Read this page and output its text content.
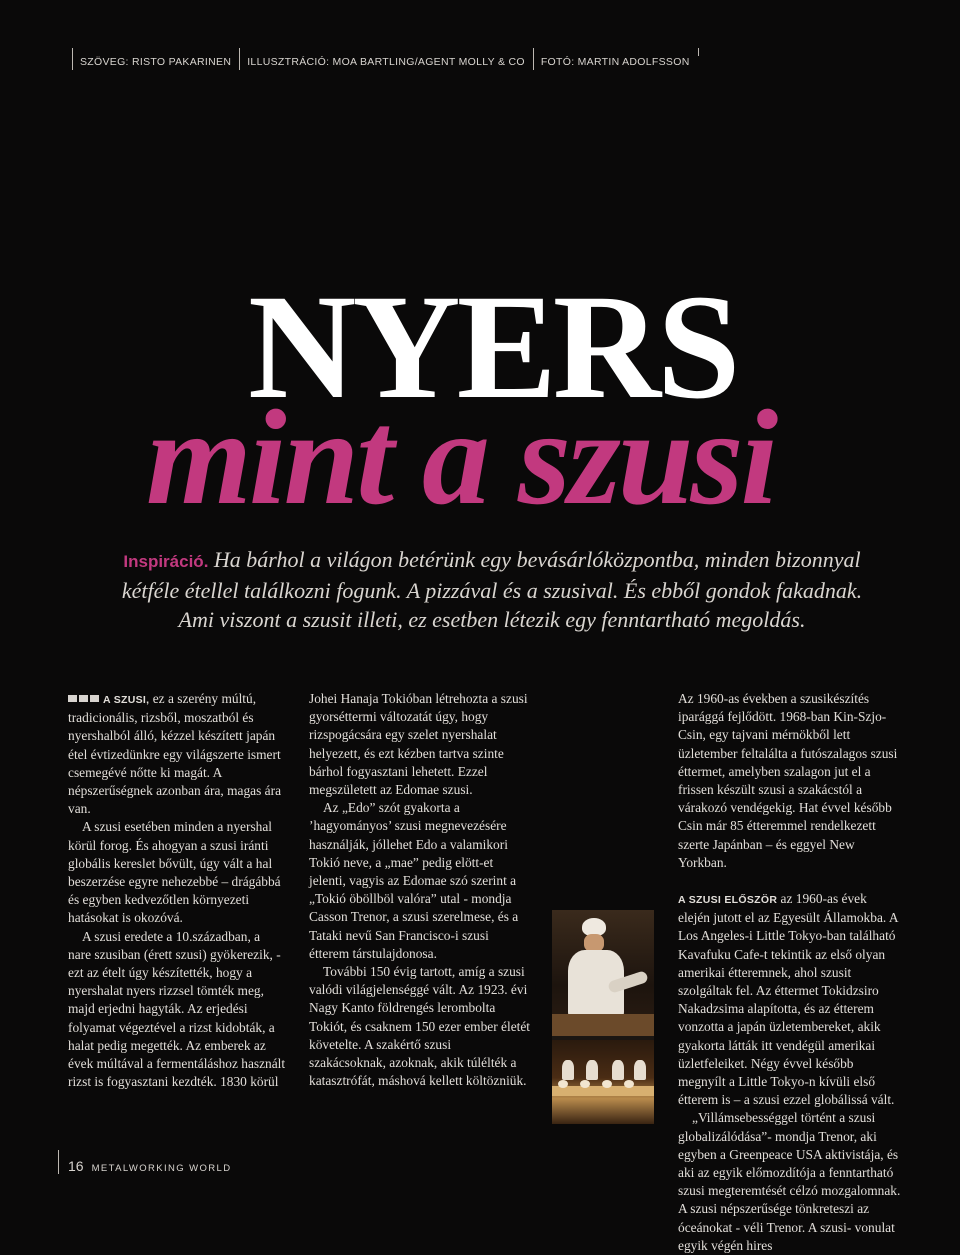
SZÖVEG: RISTO PAKARINEN	ILLUSZTRÁCIÓ: MOA BARTLING/AGENT MOLLY & CO	FOTÓ: MARTIN ADOLFSSON
NYERS
mint a szusi
Inspiráció. Ha bárhol a világon betérünk egy bevásárlóközpontba, minden bizonnyal kétféle étellel találkozni fogunk. A pizzával és a szusival. És ebből gondok fakadnak. Ami viszont a szusit illeti, ez esetben létezik egy fenntartható megoldás.

A SZUSI, ez a szerény múltú, tradicionális, rizsből, moszatból és nyershalból álló, kézzel készített japán étel évtizedünkre egy világszerte ismert csemegévé nőtte ki magát. A népszerűségnek azonban ára, magas ára van.

A szusi esetében minden a nyershal körül forog. És ahogyan a szusi iránti globális kereslet bővült, úgy vált a hal beszerzése egyre nehezebbé – drágábbá és egyben kedvezőtlen környezeti hatásokat is okozóvá.

A szusi eredete a 10.században, a nare szusiban (érett szusi) gyökerezik, - ezt az ételt úgy készítették, hogy a nyershalat nyers rizzsel tömték meg, majd erjedni hagyták. Az erjedési folyamat végeztével a rizst kidobták, a halat pedig megették. Az emberek az évek múltával a fermentáláshoz használt rizst is fogyasztani kezdték. 1830 körül

Johei Hanaja Tokióban létrehozta a szusi gyorséttermi változatát úgy, hogy rizspogácsára egy szelet nyershalat helyezett, és ezt kézben tartva szinte bárhol fogyasztani lehetett. Ezzel megszületett az Edomae szusi.

Az „Edo” szót gyakorta a ’hagyományos’ szusi megnevezésére használják, jóllehet Edo a valamikori Tokió neve, a „mae” pedig elött-et jelenti, vagyis az Edomae szó szerint a „Tokió öböllböl valóra” utal - mondja Casson Trenor, a szusi szerelmese, és a Tataki nevű San Francisco-i szusi étterem társtulajdonosa.

További 150 évig tartott, amíg a szusi valódi világjelenséggé vált. Az 1923. évi Nagy Kanto földrengés lerombolta Tokiót, és csaknem 150 ezer ember életét követelte. A szakértő szusi szakácsoknak, azoknak, akik túlélték a katasztrófát, máshová kellett költözniük.

Az 1960-as években a szusikészítés iparággá fejlődött. 1968-ban Kin-Szjo-Csin, egy tajvani mérnökből lett üzletember feltalálta a futószalagos szusi éttermet, amelyben szalagon jut el a frissen készült szusi a szakácstól a várakozó vendégekig. Hat évvel később Csin már 85 étteremmel rendelkezett szerte Japánban – és eggyel New Yorkban.

A SZUSI ELŐSZÖR az 1960-as évek elején jutott el az Egyesült Államokba. A Los Angeles-i Little Tokyo-ban található Kavafuku Cafe-t tekintik az első olyan amerikai étteremnek, ahol szusit szolgáltak fel. Az éttermet Tokidzsiro Nakadzsima alapította, és az étterem vonzotta a japán üzletembereket, akik gyakorta látták itt vendégül amerikai üzletfeleiket. Négy évvel később megnyílt a Little Tokyo-n kívüli első étterem is – a szusi ezzel globálissá vált.

„Villámsebességgel történt a szusi globalizálódása”- mondja Trenor, aki egyben a Greenpeace USA aktivistája, és aki az egyik előmozdítója a fenntartható szusi megteremtését célzó mozgalomnak. A szusi népszerűsége tönkreteszi az óceánokat - véli Trenor. A szusi- vonulat egyik végén hires

16 METALWORKING WORLD
